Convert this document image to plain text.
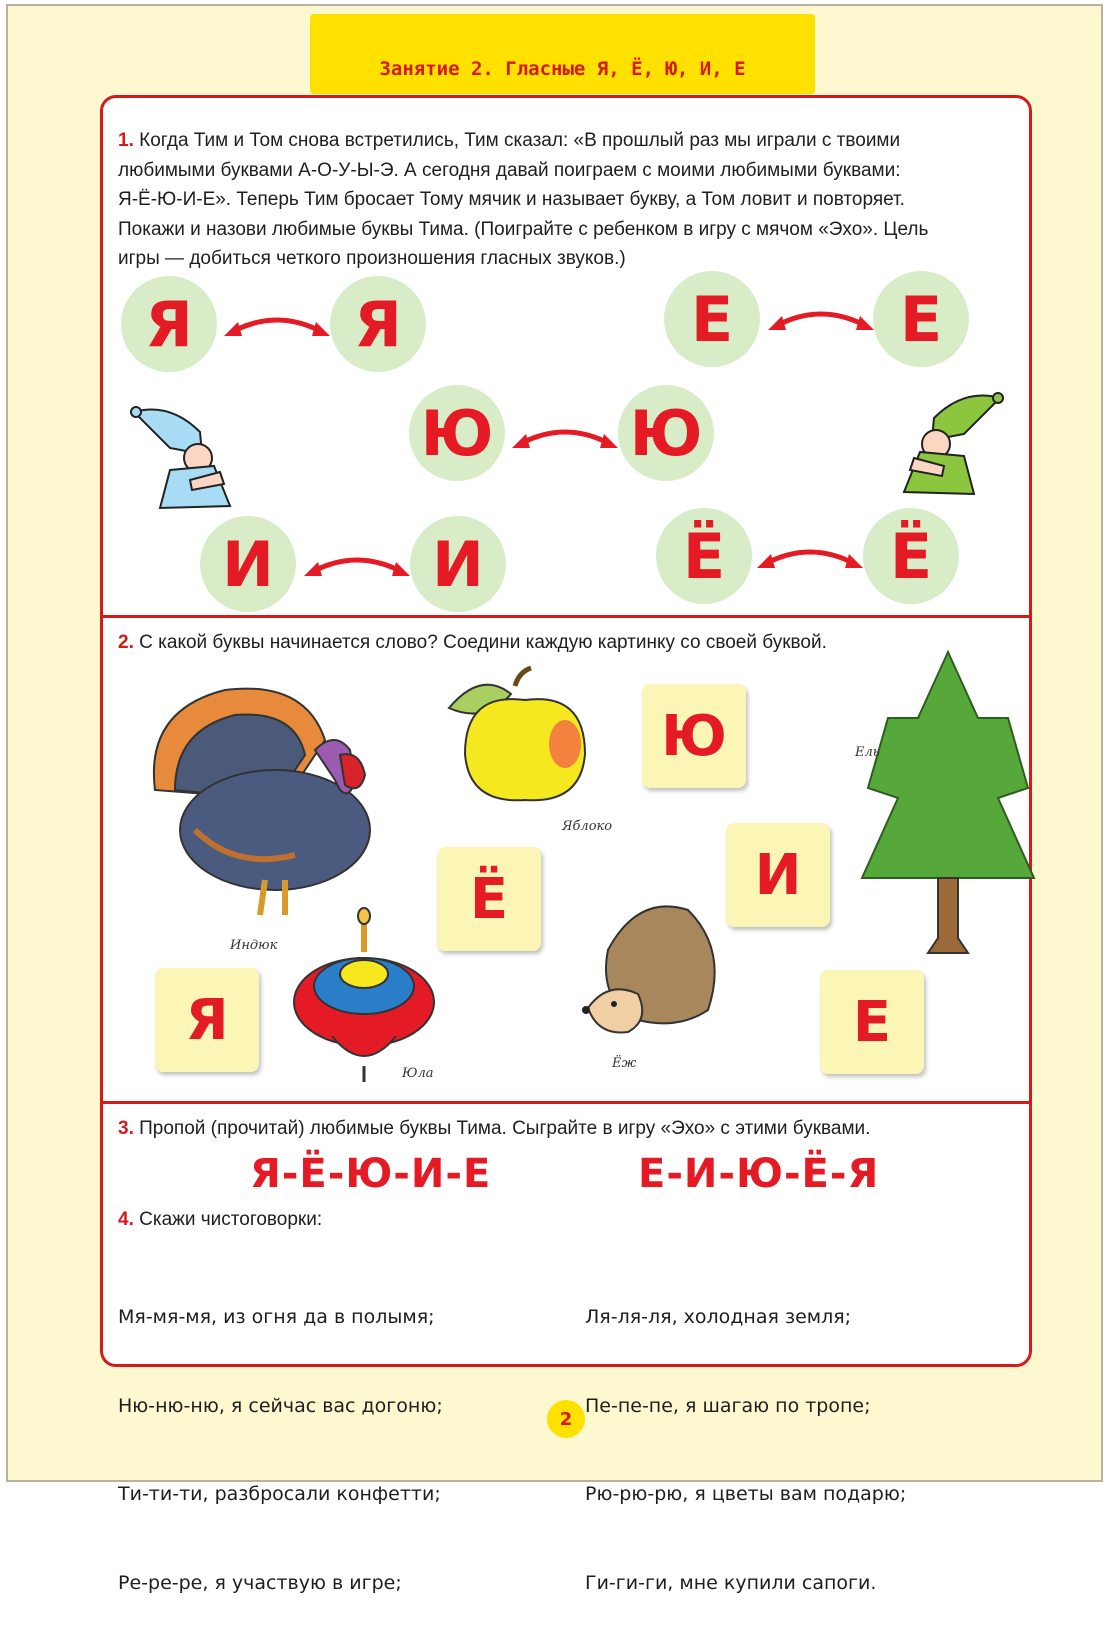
Занятие 2. Гласные Я, Ё, Ю, И, Е
1. Когда Тим и Том снова встретились, Тим сказал: «В прошлый раз мы играли с твоими
любимыми буквами А-О-У-Ы-Э. А сегодня давай поиграем с моими любимыми буквами:
Я-Ё-Ю-И-Е». Теперь Тим бросает Тому мячик и называет букву, а Том ловит и повторяет.
Покажи и назови любимые буквы Тима. (Поиграйте с ребенком в игру с мячом «Эхо». Цель
игры — добиться четкого произношения гласных звуков.)
Я	Я	Е	Е
Ю Ю
И	И	Ё	Ё
2. С какой буквы начинается слово? Соедини каждую картинку со своей буквой.
Ю
И
Ё
Я	Е
Индюк
Яблоко
Ель
Юла
Ёж
3. Пропой (прочитай) любимые буквы Тима. Сыграйте в игру «Эхо» с этими буквами.
Я-Ё-Ю-И-Е	Е-И-Ю-Ё-Я
4. Скажи чистоговорки:

Мя-мя-мя, из огня да в полымя;

Ню-ню-ню, я сейчас вас догоню;

Ти-ти-ти, разбросали конфетти;

Ре-ре-ре, я участвую в игре;

Ля-ля-ля, холодная земля;

Пе-пе-пе, я шагаю по тропе;

Рю-рю-рю, я цветы вам подарю;

Ги-ги-ги, мне купили сапоги.

2
